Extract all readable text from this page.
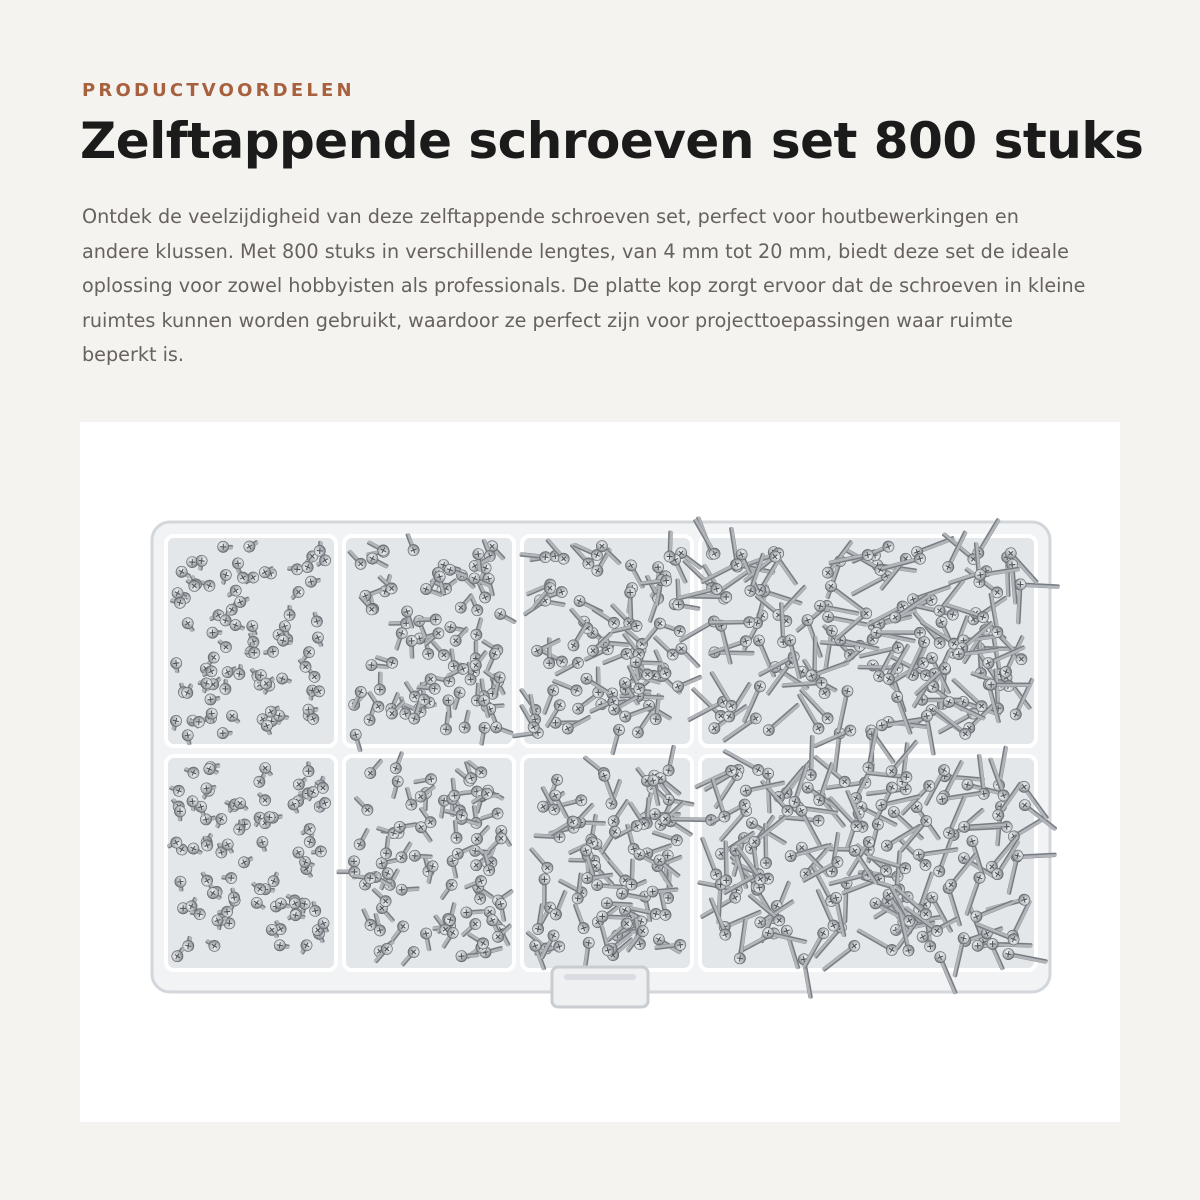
PRODUCTVOORDELEN
Zelftappende schroeven set 800 stuks

Ontdek de veelzijdigheid van deze zelftappende schroeven set, perfect voor houtbewerkingen en andere klussen. Met 800 stuks in verschillende lengtes, van 4 mm tot 20 mm, biedt deze set de ideale oplossing voor zowel hobbyisten als professionals. De platte kop zorgt ervoor dat de schroeven in kleine ruimtes kunnen worden gebruikt, waardoor ze perfect zijn voor projecttoepassingen waar ruimte beperkt is.
